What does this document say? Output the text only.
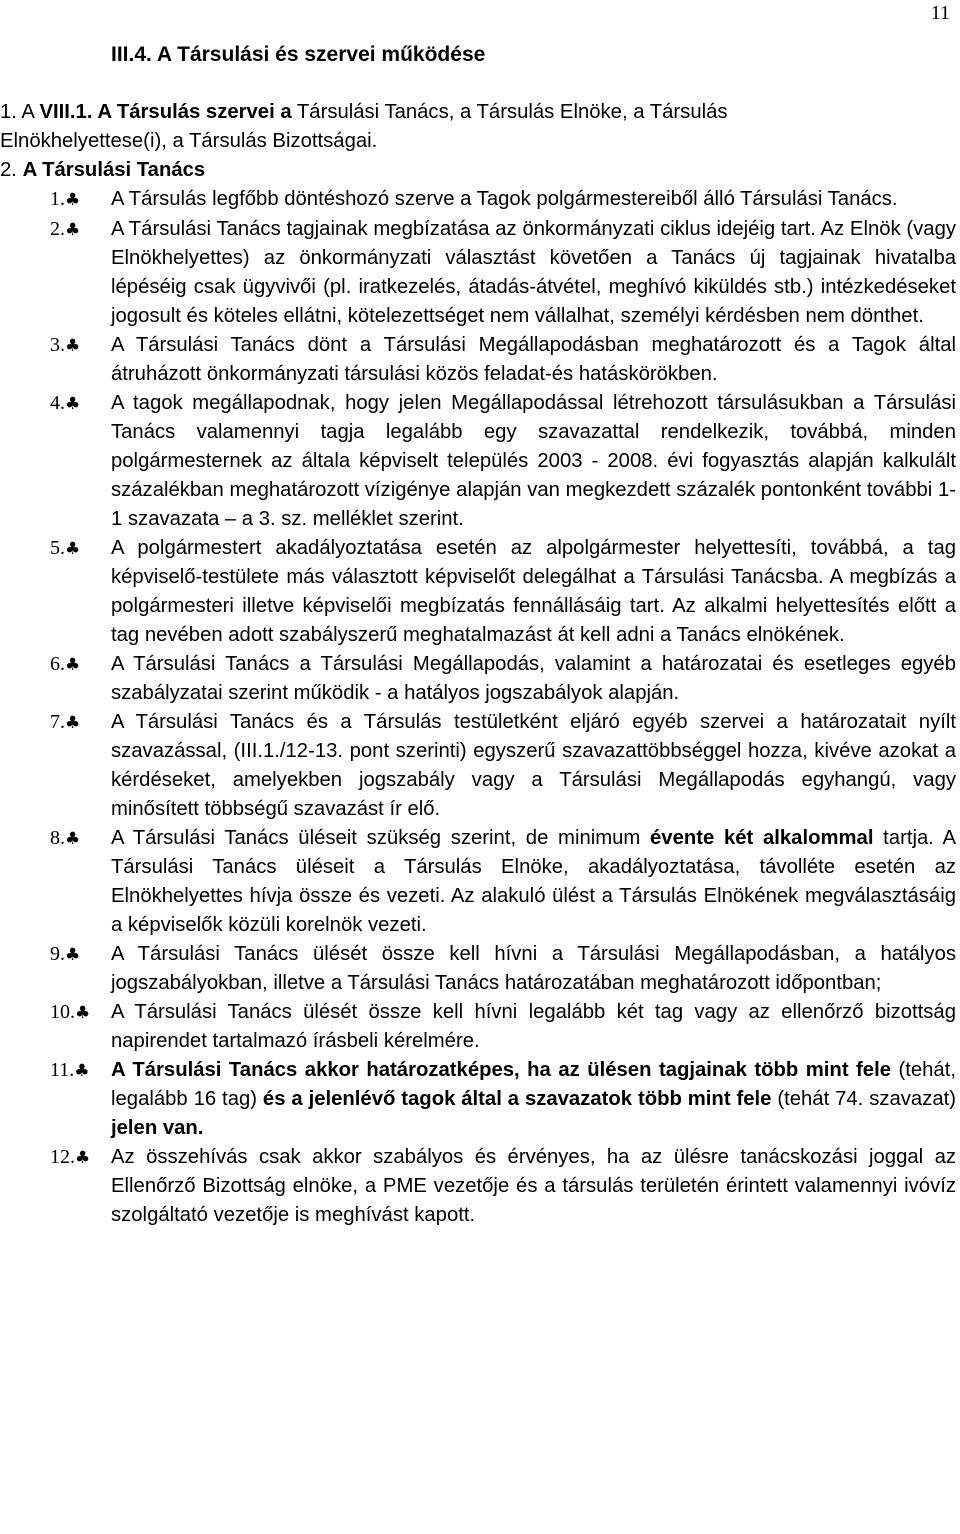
11
III.4. A Társulási és szervei működése
1. A VIII.1. A Társulás szervei a Társulási Tanács, a Társulás Elnöke, a Társulás
Elnökhelyettese(i), a Társulás Bizottságai.
2. A Társulási Tanács
1.♣	A Társulás legfőbb döntéshozó szerve a Tagok polgármestereiből álló Társulási Tanács.
2.♣	A Társulási Tanács tagjainak megbízatása az önkormányzati ciklus idejéig tart. Az Elnök (vagy Elnökhelyettes) az önkormányzati választást követően a Tanács új tagjainak hivatalba lépéséig csak ügyvivői (pl. iratkezelés, átadás-átvétel, meghívó kiküldés stb.) intézkedéseket jogosult és köteles ellátni, kötelezettséget nem vállalhat, személyi kérdésben nem dönthet.
3.♣	A Társulási Tanács dönt a Társulási Megállapodásban meghatározott és a Tagok által átruházott önkormányzati társulási közös feladat-és hatáskörökben.
4.♣	A tagok megállapodnak, hogy jelen Megállapodással létrehozott társulásukban a Társulási Tanács valamennyi tagja legalább egy szavazattal rendelkezik, továbbá, minden polgármesternek az általa képviselt település 2003 - 2008. évi fogyasztás alapján kalkulált százalékban meghatározott vízigénye alapján van megkezdett százalék pontonként további 1-1 szavazata – a 3. sz. melléklet szerint.
5.♣	A polgármestert akadályoztatása esetén az alpolgármester helyettesíti, továbbá, a tag képviselő-testülete más választott képviselőt delegálhat a Társulási Tanácsba. A megbízás a polgármesteri illetve képviselői megbízatás fennállásáig tart. Az alkalmi helyettesítés előtt a tag nevében adott szabályszerű meghatalmazást át kell adni a Tanács elnökének.
6.♣	A Társulási Tanács a Társulási Megállapodás, valamint a határozatai és esetleges egyéb szabályzatai szerint működik - a hatályos jogszabályok alapján.
7.♣	A Társulási Tanács és a Társulás testületként eljáró egyéb szervei a határozatait nyílt szavazással, (III.1./12-13. pont szerinti) egyszerű szavazattöbbséggel hozza, kivéve azokat a kérdéseket, amelyekben jogszabály vagy a Társulási Megállapodás egyhangú, vagy minősített többségű szavazást ír elő.
8.♣	A Társulási Tanács üléseit szükség szerint, de minimum évente két alkalommal tartja. A Társulási Tanács üléseit a Társulás Elnöke, akadályoztatása, távolléte esetén az Elnökhelyettes hívja össze és vezeti. Az alakuló ülést a Társulás Elnökének megválasztásáig a képviselők közüli korelnök vezeti.
9.♣	A Társulási Tanács ülését össze kell hívni a Társulási Megállapodásban, a hatályos jogszabályokban, illetve a Társulási Tanács határozatában meghatározott időpontban;
10.♣	A Társulási Tanács ülését össze kell hívni legalább két tag vagy az ellenőrző bizottság napirendet tartalmazó írásbeli kérelmére.
11.♣	A Társulási Tanács akkor határozatképes, ha az ülésen tagjainak több mint fele (tehát, legalább 16 tag) és a jelenlévő tagok által a szavazatok több mint fele (tehát 74. szavazat) jelen van.
12.♣	Az összehívás csak akkor szabályos és érvényes, ha az ülésre tanácskozási joggal az Ellenőrző Bizottság elnöke, a PME vezetője és a társulás területén érintett valamennyi ivóvíz szolgáltató vezetője is meghívást kapott.
